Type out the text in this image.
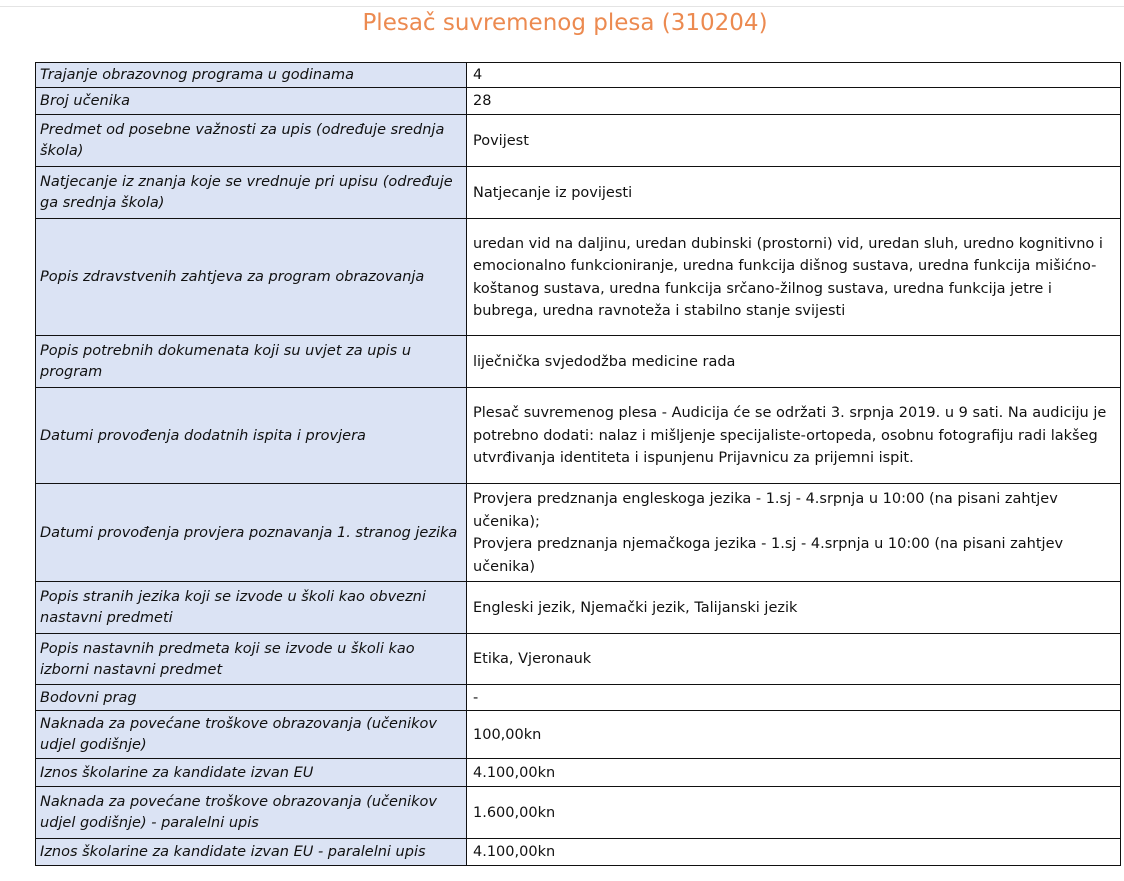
Plesač suvremenog plesa (310204)
Trajanje obrazovnog programa u godinama	4
Broj učenika	28
Predmet od posebne važnosti za upis (određuje srednja škola)	Povijest
Natjecanje iz znanja koje se vrednuje pri upisu (određuje ga srednja škola)	Natjecanje iz povijesti
Popis zdravstvenih zahtjeva za program obrazovanja	uredan vid na daljinu, uredan dubinski (prostorni) vid, uredan sluh, uredno kognitivno i emocionalno funkcioniranje, uredna funkcija dišnog sustava, uredna funkcija mišićno-koštanog sustava, uredna funkcija srčano-žilnog sustava, uredna funkcija jetre i bubrega, uredna ravnoteža i stabilno stanje svijesti
Popis potrebnih dokumenata koji su uvjet za upis u program	liječnička svjedodžba medicine rada
Datumi provođenja dodatnih ispita i provjera	Plesač suvremenog plesa - Audicija će se održati 3. srpnja 2019. u 9 sati. Na audiciju je potrebno dodati: nalaz i mišljenje specijaliste-ortopeda, osobnu fotografiju radi lakšeg utvrđivanja identiteta i ispunjenu Prijavnicu za prijemni ispit.
Datumi provođenja provjera poznavanja 1. stranog jezika	Provjera predznanja engleskoga jezika - 1.sj - 4.srpnja u 10:00 (na pisani zahtjev učenika);
Provjera predznanja njemačkoga jezika - 1.sj - 4.srpnja u 10:00 (na pisani zahtjev učenika)

Popis stranih jezika koji se izvode u školi kao obvezni nastavni predmeti	Engleski jezik, Njemački jezik, Talijanski jezik
Popis nastavnih predmeta koji se izvode u školi kao izborni nastavni predmet	Etika, Vjeronauk
Bodovni prag	-
Naknada za povećane troškove obrazovanja (učenikov udjel godišnje)	100,00kn
Iznos školarine za kandidate izvan EU	4.100,00kn
Naknada za povećane troškove obrazovanja (učenikov udjel godišnje) - paralelni upis	1.600,00kn
Iznos školarine za kandidate izvan EU - paralelni upis	4.100,00kn
